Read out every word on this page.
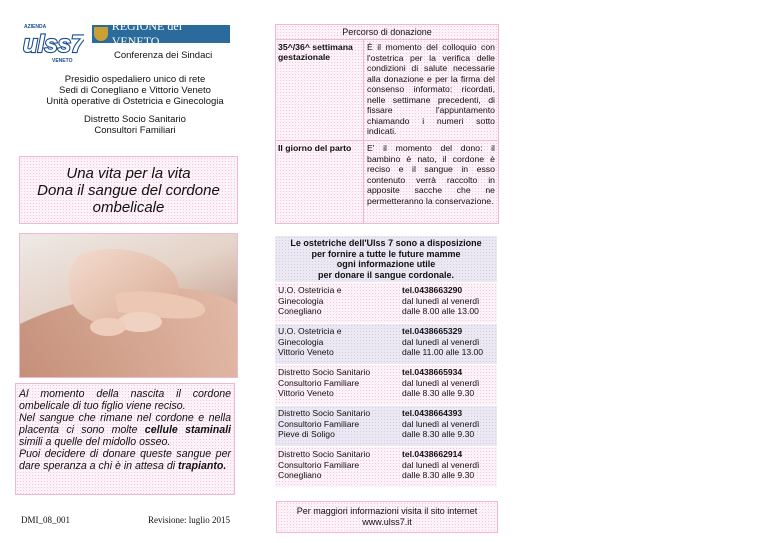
AZIENDA
ulss7
VENETO
REGIONE del VENETO
Conferenza dei Sindaci
Presidio ospedaliero unico di rete
Sedi di Conegliano e Vittorio Veneto
Unità operative di Ostetricia e Ginecologia
Distretto Socio Sanitario
Consultori Familiari
Una vita per la vita
Dona il sangue del cordone
ombelicale
Al momento della nascita il cordone ombelicale di tuo figlio viene reciso.
Nel sangue che rimane nel cordone e nella placenta ci sono molte cellule staminali simili a quelle del midollo osseo.
Puoi decidere di donare queste sangue per dare speranza a chi è in attesa di trapianto.
DMI_08_001	Revisione: luglio 2015
Percorso di donazione
35^/36^ settimana gestazionale
È il momento del colloquio con l'ostetrica per la verifica delle condizioni di salute necessarie alla donazione e per la firma del consenso informato: ricordati, nelle settimane precedenti, di fissare l'appuntamento chiamando i numeri sotto indicati.
Il giorno del parto	E' il momento del dono: il bambino è nato, il cordone è reciso e il sangue in esso contenuto verrà raccolto in apposite sacche che ne permetteranno la conservazione.
Le ostetriche dell'Ulss 7 sono a disposizione
per fornire a tutte le future mamme
ogni informazione utile
per donare il sangue cordonale.
U.O. Ostetricia e
Ginecologia
Conegliano
tel.0438663290
dal lunedì al venerdì
dalle 8.00 alle 13.00
U.O. Ostetricia e
Ginecologia
Vittorio Veneto
tel.0438665329
dal lunedì al venerdì
dalle 11.00 alle 13.00
Distretto Socio Sanitario
Consultorio Familiare
Vittorio Veneto
tel.0438665934
dal lunedì al venerdì
dalle 8.30 alle 9.30
Distretto Socio Sanitario
Consultorio Familiare
Pieve di Soligo
tel.0438664393
dal lunedì al venerdì
dalle 8.30 alle 9.30
Distretto Socio Sanitario
Consultorio Familiare
Conegliano
tel.0438662914
dal lunedì al venerdì
dalle 8.30 alle 9.30
Per maggiori informazioni visita il sito internet
www.ulss7.it
